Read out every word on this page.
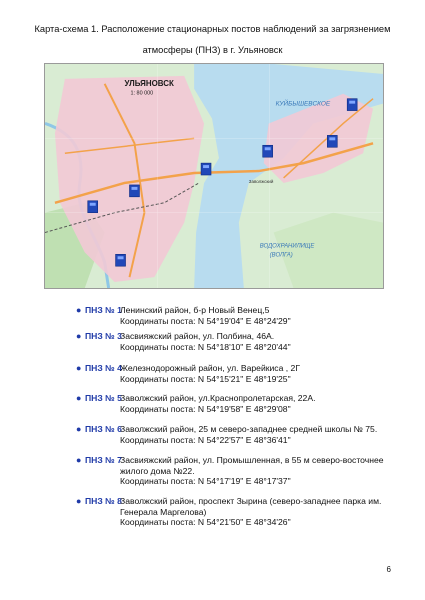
Карта-схема 1. Расположение стационарных постов наблюдений за загрязнением
атмосферы (ПНЗ) в г. Ульяновск
УЛЬЯНОВСК
1: 80 000
КУЙБЫШЕВСКОЕ
ВОДОХРАНИЛИЩЕ
(ВОЛГА)
Заволжский
● ПНЗ № 1
Ленинский район, б-р Новый Венец,5
Координаты поста: N 54°19'04" E 48°24'29"
● ПНЗ № 3
Засвияжский район, ул. Полбина, 46А.
Координаты поста: N 54°18'10" E 48°20'44"
● ПНЗ № 4
Железнодорожный район, ул. Варейкиса , 2Г
Координаты поста: N 54°15'21" E 48°19'25"
● ПНЗ № 5
Заволжский район, ул.Краснопролетарская, 22А.
Координаты поста: N 54°19'58" E 48°29'08"
● ПНЗ № 6
Заволжский район, 25 м северо-западнее средней школы № 75.
Координаты поста: N 54°22'57" E 48°36'41"
● ПНЗ № 7
Засвияжский район, ул. Промышленная, в 55 м северо-восточнее жилого дома №22.
Координаты поста: N 54°17'19" E 48°17'37"
● ПНЗ № 8
Заволжский район, проспект Зырина (северо-западнее парка им. Генерала Маргелова)
Координаты поста: N 54°21'50" E 48°34'26"
6
